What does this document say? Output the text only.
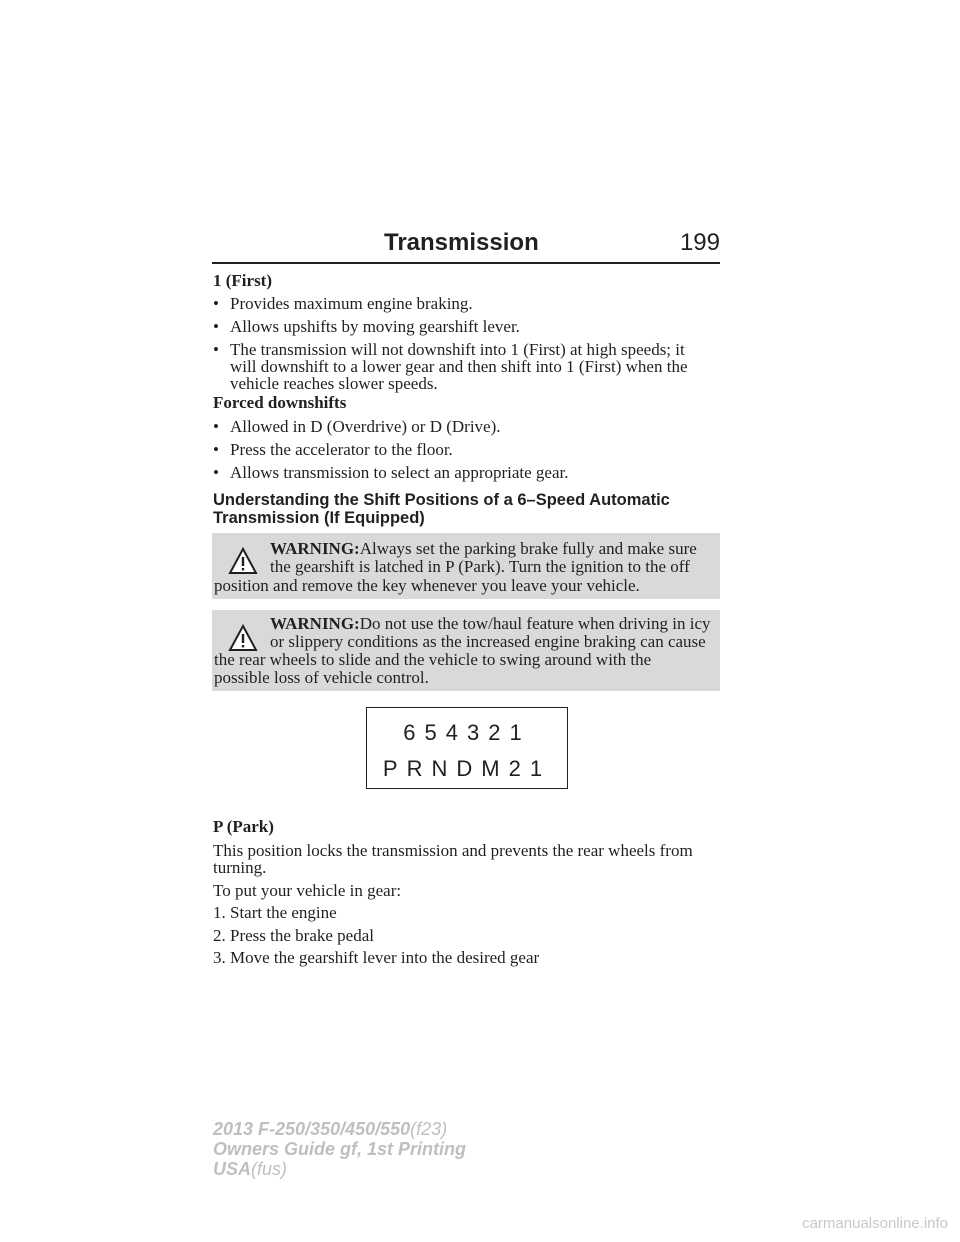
Transmission	199
1 (First)
• Provides maximum engine braking.
• Allows upshifts by moving gearshift lever.
• The transmission will not downshift into 1 (First) at high speeds; it
will downshift to a lower gear and then shift into 1 (First) when the
vehicle reaches slower speeds.
Forced downshifts
• Allowed in D (Overdrive) or D (Drive).
• Press the accelerator to the floor.
• Allows transmission to select an appropriate gear.
Understanding the Shift Positions of a 6–Speed Automatic
Transmission (If Equipped)
WARNING:Always set the parking brake fully and make sure
the gearshift is latched in P (Park). Turn the ignition to the off
position and remove the key whenever you leave your vehicle.
WARNING:Do not use the tow/haul feature when driving in icy
or slippery conditions as the increased engine braking can cause
the rear wheels to slide and the vehicle to swing around with the
possible loss of vehicle control.
654321
PRNDM21
P (Park)
This position locks the transmission and prevents the rear wheels from
turning.
To put your vehicle in gear:
1. Start the engine
2. Press the brake pedal
3. Move the gearshift lever into the desired gear
2013 F-250/350/450/550(f23)
Owners Guide gf, 1st Printing
USA(fus)
carmanualsonline.info
